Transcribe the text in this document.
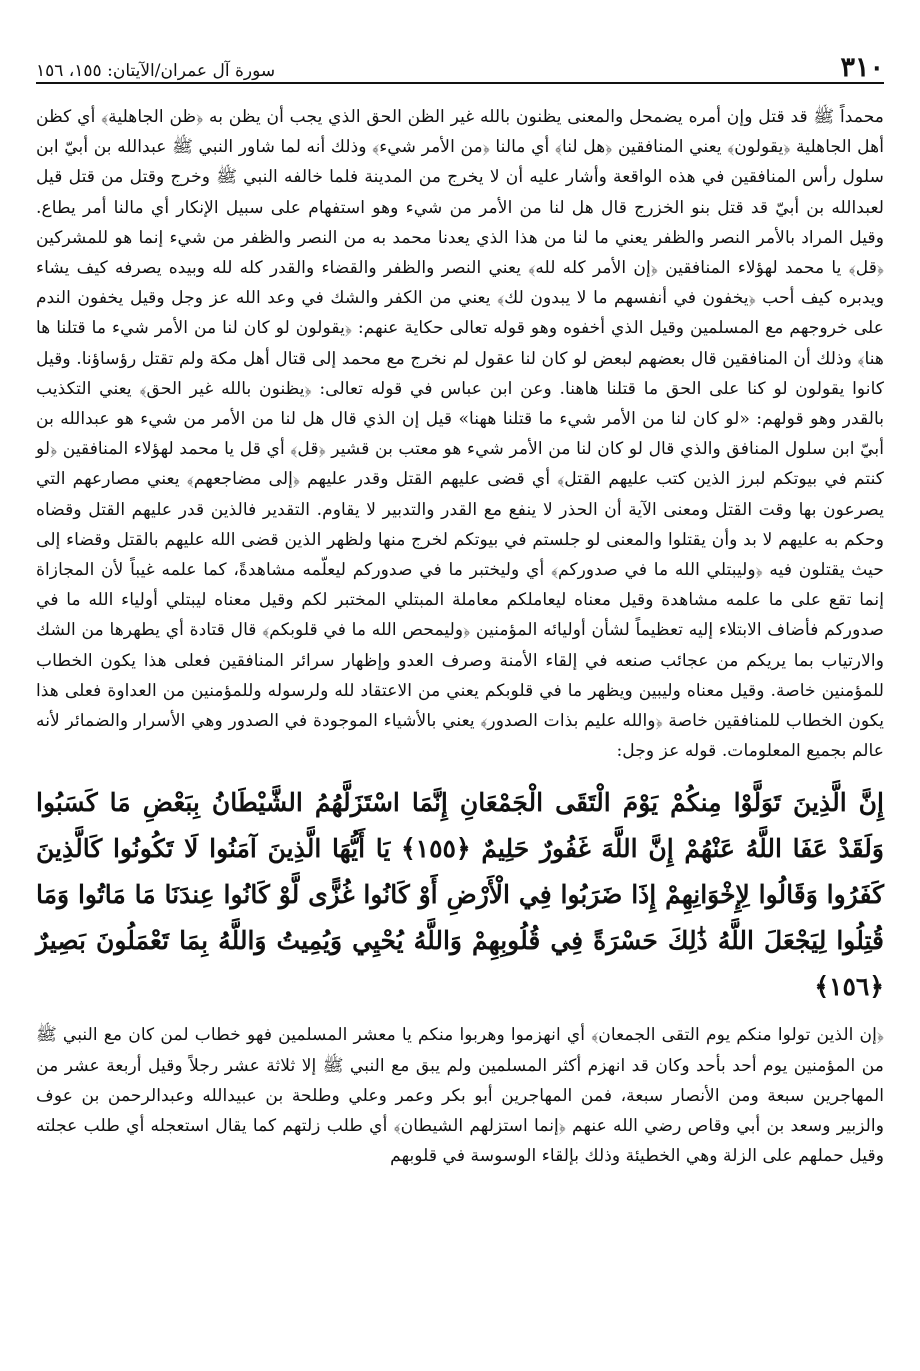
٣١٠
سورة آل عمران/الآيتان: ١٥٥، ١٥٦

محمداً ﷺ قد قتل وإن أمره يضمحل والمعنى يظنون بالله غير الظن الحق الذي يجب أن يظن به ﴿ظن الجاهلية﴾ أي كظن أهل الجاهلية ﴿يقولون﴾ يعني المنافقين ﴿هل لنا﴾ أي مالنا ﴿من الأمر شيء﴾ وذلك أنه لما شاور النبي ﷺ عبدالله بن أبيّ ابن سلول رأس المنافقين في هذه الواقعة وأشار عليه أن لا يخرج من المدينة فلما خالفه النبي ﷺ وخرج وقتل من قتل قيل لعبدالله بن أبيّ قد قتل بنو الخزرج قال هل لنا من الأمر من شيء وهو استفهام على سبيل الإنكار أي مالنا أمر يطاع. وقيل المراد بالأمر النصر والظفر يعني ما لنا من هذا الذي يعدنا محمد به من النصر والظفر من شيء إنما هو للمشركين ﴿قل﴾ يا محمد لهؤلاء المنافقين ﴿إن الأمر كله لله﴾ يعني النصر والظفر والقضاء والقدر كله لله وبيده يصرفه كيف يشاء ويدبره كيف أحب ﴿يخفون في أنفسهم ما لا يبدون لك﴾ يعني من الكفر والشك في وعد الله عز وجل وقيل يخفون الندم على خروجهم مع المسلمين وقيل الذي أخفوه وهو قوله تعالى حكاية عنهم: ﴿يقولون لو كان لنا من الأمر شيء ما قتلنا ها هنا﴾ وذلك أن المنافقين قال بعضهم لبعض لو كان لنا عقول لم نخرج مع محمد إلى قتال أهل مكة ولم تقتل رؤساؤنا. وقيل كانوا يقولون لو كنا على الحق ما قتلنا هاهنا. وعن ابن عباس في قوله تعالى: ﴿يظنون بالله غير الحق﴾ يعني التكذيب بالقدر وهو قولهم: «لو كان لنا من الأمر شيء ما قتلنا ههنا» قيل إن الذي قال هل لنا من الأمر من شيء هو عبدالله بن أبيّ ابن سلول المنافق والذي قال لو كان لنا من الأمر شيء هو معتب بن قشير ﴿قل﴾ أي قل يا محمد لهؤلاء المنافقين ﴿لو كنتم في بيوتكم لبرز الذين كتب عليهم القتل﴾ أي قضى عليهم القتل وقدر عليهم ﴿إلى مضاجعهم﴾ يعني مصارعهم التي يصرعون بها وقت القتل ومعنى الآية أن الحذر لا ينفع مع القدر والتدبير لا يقاوم. التقدير فالذين قدر عليهم القتل وقضاه وحكم به عليهم لا بد وأن يقتلوا والمعنى لو جلستم في بيوتكم لخرج منها ولظهر الذين قضى الله عليهم بالقتل وقضاء إلى حيث يقتلون فيه ﴿وليبتلي الله ما في صدوركم﴾ أي وليختبر ما في صدوركم ليعلّمه مشاهدةً، كما علمه غيباً لأن المجازاة إنما تقع على ما علمه مشاهدة وقيل معناه ليعاملكم معاملة المبتلي المختبر لكم وقيل معناه ليبتلي أولياء الله ما في صدوركم فأضاف الابتلاء إليه تعظيماً لشأن أوليائه المؤمنين ﴿وليمحص الله ما في قلوبكم﴾ قال قتادة أي يطهرها من الشك والارتياب بما يريكم من عجائب صنعه في إلقاء الأمنة وصرف العدو وإظهار سرائر المنافقين فعلى هذا يكون الخطاب للمؤمنين خاصة. وقيل معناه وليبين ويظهر ما في قلوبكم يعني من الاعتقاد لله ولرسوله وللمؤمنين من العداوة فعلى هذا يكون الخطاب للمنافقين خاصة ﴿والله عليم بذات الصدور﴾ يعني بالأشياء الموجودة في الصدور وهي الأسرار والضمائر لأنه عالم بجميع المعلومات. قوله عز وجل:

إِنَّ الَّذِينَ تَوَلَّوْا مِنكُمْ يَوْمَ الْتَقَى الْجَمْعَانِ إِنَّمَا اسْتَزَلَّهُمُ الشَّيْطَانُ بِبَعْضِ مَا كَسَبُوا وَلَقَدْ عَفَا اللَّهُ عَنْهُمْ إِنَّ اللَّهَ غَفُورٌ حَلِيمٌ ﴿١٥٥﴾ يَا أَيُّهَا الَّذِينَ آمَنُوا لَا تَكُونُوا كَالَّذِينَ كَفَرُوا وَقَالُوا لِإِخْوَانِهِمْ إِذَا ضَرَبُوا فِي الْأَرْضِ أَوْ كَانُوا غُزًّى لَّوْ كَانُوا عِندَنَا مَا مَاتُوا وَمَا قُتِلُوا لِيَجْعَلَ اللَّهُ ذَٰلِكَ حَسْرَةً فِي قُلُوبِهِمْ وَاللَّهُ يُحْيِي وَيُمِيتُ وَاللَّهُ بِمَا تَعْمَلُونَ بَصِيرٌ ﴿١٥٦﴾

﴿إن الذين تولوا منكم يوم التقى الجمعان﴾ أي انهزموا وهربوا منكم يا معشر المسلمين فهو خطاب لمن كان مع النبي ﷺ من المؤمنين يوم أحد بأحد وكان قد انهزم أكثر المسلمين ولم يبق مع النبي ﷺ إلا ثلاثة عشر رجلاً وقيل أربعة عشر من المهاجرين سبعة ومن الأنصار سبعة، فمن المهاجرين أبو بكر وعمر وعلي وطلحة بن عبيدالله وعبدالرحمن بن عوف والزبير وسعد بن أبي وقاص رضي الله عنهم ﴿إنما استزلهم الشيطان﴾ أي طلب زلتهم كما يقال استعجله أي طلب عجلته وقيل حملهم على الزلة وهي الخطيئة وذلك بإلقاء الوسوسة في قلوبهم
